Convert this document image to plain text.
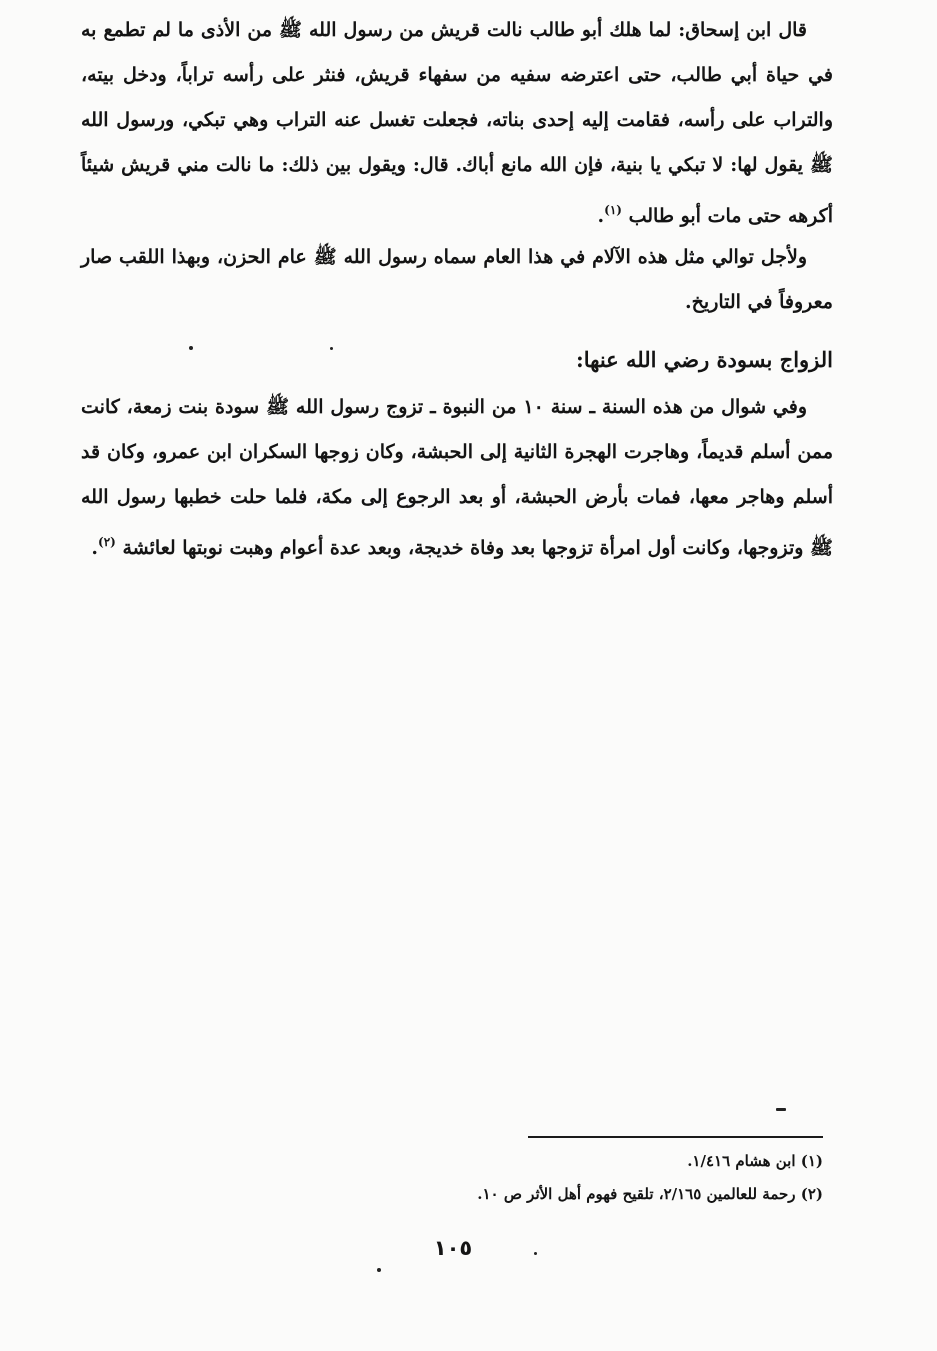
قال ابن إسحاق: لما هلك أبو طالب نالت قريش من رسول الله ﷺ من الأذى ما لم تطمع به في حياة أبي طالب، حتى اعترضه سفيه من سفهاء قريش، فنثر على رأسه تراباً، ودخل بيته، والتراب على رأسه، فقامت إليه إحدى بناته، فجعلت تغسل عنه التراب وهي تبكي، ورسول الله ﷺ يقول لها: لا تبكي يا بنية، فإن الله مانع أباك. قال: ويقول بين ذلك: ما نالت مني قريش شيئاً أكرهه حتى مات أبو طالب $^{(١)}$.

ولأجل توالي مثل هذه الآلام في هذا العام سماه رسول الله ﷺ عام الحزن، وبهذا اللقب صار معروفاً في التاريخ.

الزواج بسودة رضي الله عنها:

وفي شوال من هذه السنة ـ سنة ١٠ من النبوة ـ تزوج رسول الله ﷺ سودة بنت زمعة، كانت ممن أسلم قديماً، وهاجرت الهجرة الثانية إلى الحبشة، وكان زوجها السكران ابن عمرو، وكان قد أسلم وهاجر معها، فمات بأرض الحبشة، أو بعد الرجوع إلى مكة، فلما حلت خطبها رسول الله ﷺ وتزوجها، وكانت أول امرأة تزوجها بعد وفاة خديجة، وبعد عدة أعوام وهبت نوبتها لعائشة $^{(٢)}$.

(١) ابن هشام ١/٤١٦.

(٢) رحمة للعالمين ٢/١٦٥، تلقيح فهوم أهل الأثر ص ١٠.

١٠٥
